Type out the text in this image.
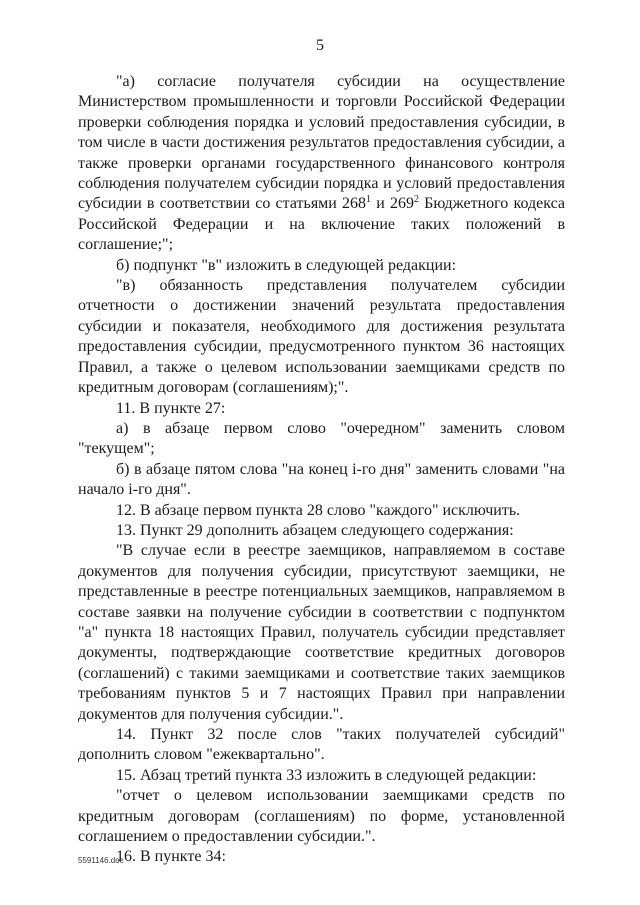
5

"а) согласие получателя субсидии на осуществление Министерством промышленности и торговли Российской Федерации проверки соблюдения порядка и условий предоставления субсидии, в том числе в части достижения результатов предоставления субсидии, а также проверки органами государственного финансового контроля соблюдения получателем субсидии порядка и условий предоставления субсидии в соответствии со статьями $268^1$ и $269^2$ Бюджетного кодекса Российской Федерации и на включение таких положений в соглашение;";

б) подпункт "в" изложить в следующей редакции:

"в) обязанность представления получателем субсидии отчетности о достижении значений результата предоставления субсидии и показателя, необходимого для достижения результата предоставления субсидии, предусмотренного пунктом 36 настоящих Правил, а также о целевом использовании заемщиками средств по кредитным договорам (соглашениям);".

11. В пункте 27:

а) в абзаце первом слово "очередном" заменить словом "текущем";

б) в абзаце пятом слова "на конец i-го дня" заменить словами "на начало i-го дня".

12. В абзаце первом пункта 28 слово "каждого" исключить.

13. Пункт 29 дополнить абзацем следующего содержания:

"В случае если в реестре заемщиков, направляемом в составе документов для получения субсидии, присутствуют заемщики, не представленные в реестре потенциальных заемщиков, направляемом в составе заявки на получение субсидии в соответствии с подпунктом "а" пункта 18 настоящих Правил, получатель субсидии представляет документы, подтверждающие соответствие кредитных договоров (соглашений) с такими заемщиками и соответствие таких заемщиков требованиям пунктов 5 и 7 настоящих Правил при направлении документов для получения субсидии.".

14. Пункт 32 после слов "таких получателей субсидий" дополнить словом "ежеквартально".

15. Абзац третий пункта 33 изложить в следующей редакции:

"отчет о целевом использовании заемщиками средств по кредитным договорам (соглашениям) по форме, установленной соглашением о предоставлении субсидии.".

16. В пункте 34:

5591146.doc
